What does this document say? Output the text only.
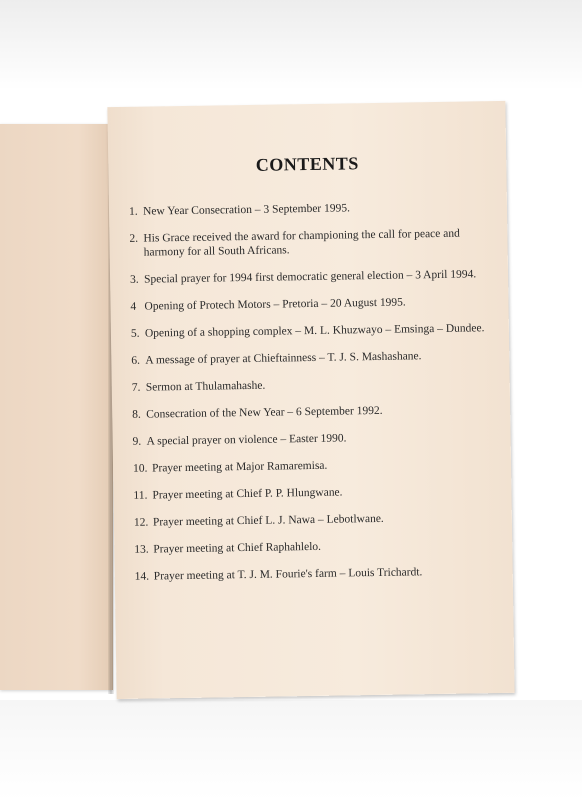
CONTENTS
1. New Year Consecration – 3 September 1995.
2. His Grace received the award for championing the call for peace and harmony for all South Africans.
3. Special prayer for 1994 first democratic general election – 3 April 1994.
4 Opening of Protech Motors – Pretoria – 20 August 1995.
5. Opening of a shopping complex – M. L. Khuzwayo – Emsinga – Dundee.
6. A message of prayer at Chieftainness – T. J. S. Mashashane.
7. Sermon at Thulamahashe.
8. Consecration of the New Year – 6 September 1992.
9. A special prayer on violence – Easter 1990.
10. Prayer meeting at Major Ramaremisa.
11. Prayer meeting at Chief P. P. Hlungwane.
12. Prayer meeting at Chief L. J. Nawa – Lebotlwane.
13. Prayer meeting at Chief Raphahlelo.
14. Prayer meeting at T. J. M. Fourie's farm – Louis Trichardt.
